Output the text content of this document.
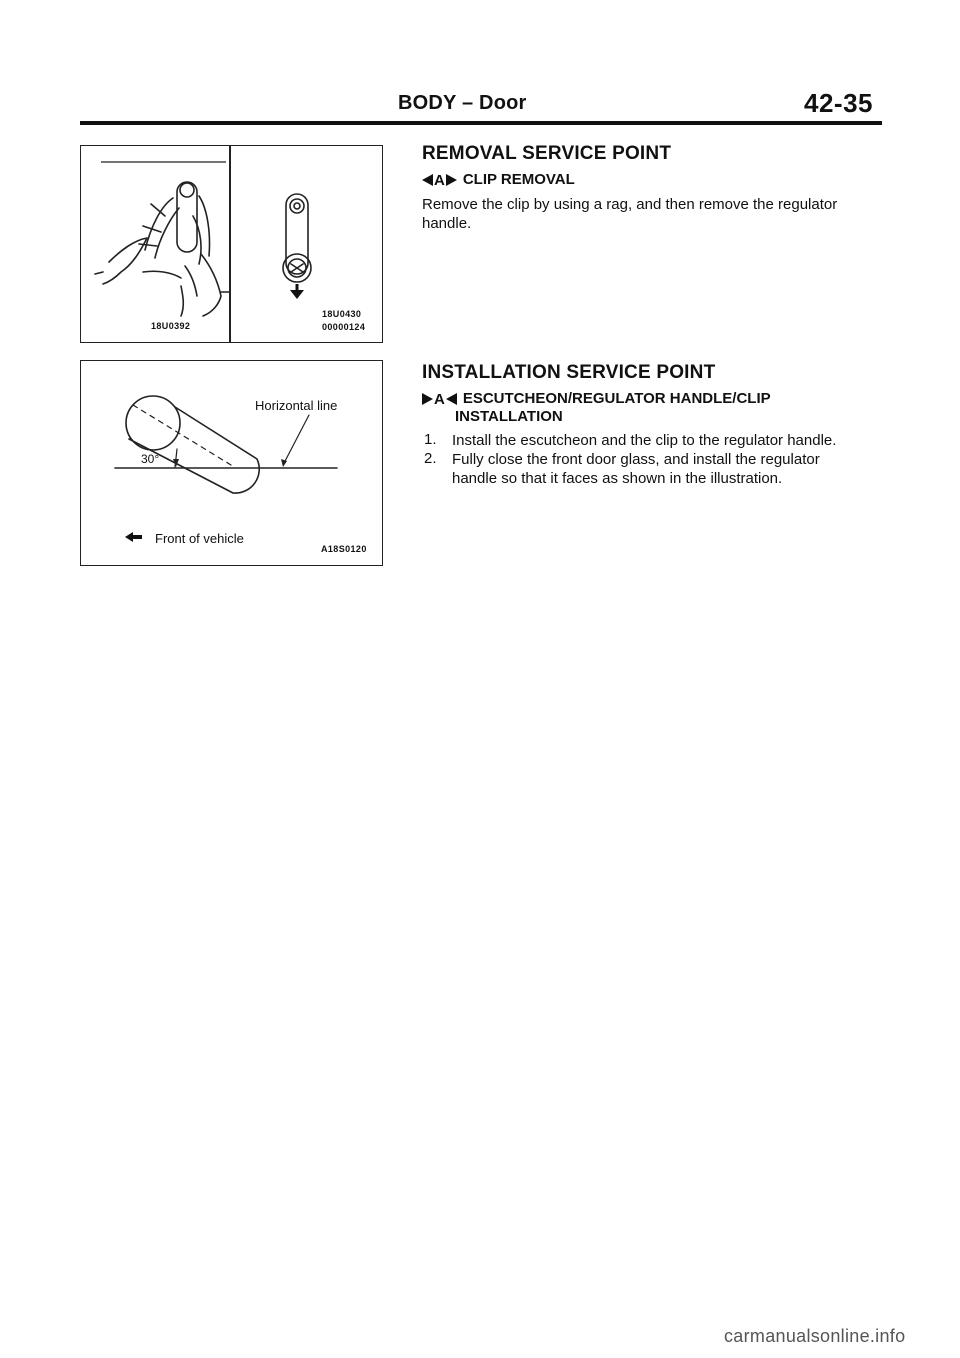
BODY – Door	42-35
18U0392
18U0430
00000124
Horizontal line
30°
Front of vehicle
A18S0120
REMOVAL SERVICE POINT
A CLIP REMOVAL
Remove the clip by using a rag, and then remove the regulator
handle.
INSTALLATION SERVICE POINT
A ESCUTCHEON/REGULATOR HANDLE/CLIP
INSTALLATION
1. Install the escutcheon and the clip to the regulator handle.
2. Fully close the front door glass, and install the regulator
handle so that it faces as shown in the illustration.
carmanualsonline.info
